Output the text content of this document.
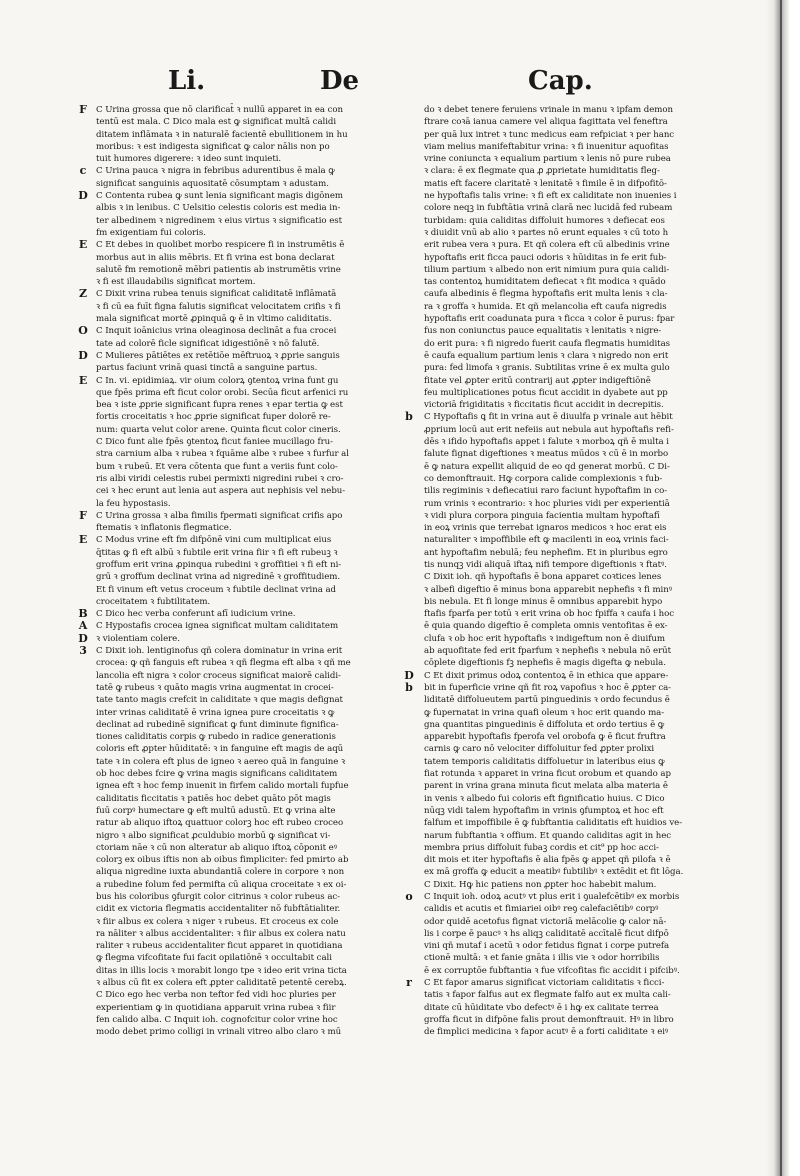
Li.	De	Cap.
F	C Urina grossa que nō clarificat̄ ꝛ nullū apparet in ea con
tentū est mala. C Dico mala est ꝙ significat multā calidi
ditatem inflāmata ꝛ in naturalē facientē ebullitionem in hu
moribus: ꝛ est indigesta significat ꝙ calor nālis non po
tuit humores digerere: ꝛ ideo sunt inquieti.
c	C Urina pauca ꝛ nigra in febribus adurentibus ē mala ꝙ
significat sanguinis aquositatē cōsumptam ꝛ adustam.
D C Contenta rubea ꝙ sunt lenia significant magis digōnem
albis ꝛ in lenibus. C Uelsitio celestis coloris est media in-
ter albedinem ꝛ nigredinem ꝛ eius virtus ꝛ significatio est
fm exigentiam fui coloris.
E	C Et debes in quolibet morbo respicere fi in instrumētis ē
morbus aut in aliis mēbris. Et fi vrina est bona declarat
salutē fm remotionē mēbri patientis ab instrumētis vrine
ꝛ fi est illaudabilis significat mortem.
Z	C Dixit vrina rubea tenuis significat caliditatē inflāmatā
ꝛ fi cū ea fuīt figna falutis significat velocitatem crifis ꝛ fi
mala significat mortē ꝓpinquā ꝙ ē in vltimo caliditatis.
O C Inquit ioānicius vrina oleaginosa declināt a fua crocei
tate ad colorē ficle significat idigestiōnē ꝛ nō falutē.
D C Mulieres pātiētes ex retētiōe mēftruoꝝ ꝛ ꝓprie sanguis
partus faciunt vrinā quasi tinctā a sanguine partus.
E	C In. vi. epidimiaꝝ. vir oium colorꝝ ꝯtentoꝝ vrina funt gu
que fpēs prima eft ficut color orobi. Secūa ficut arfenici ru
bea ꝛ iste ꝓprie significant fupra renes ꝛ epar tertia ꝙ est
fortis croceitatis ꝛ hoc ꝓprie significat fuper dolorē re-
num: quarta velut color arene. Quinta ficut color cineris.
C Dico funt alie fpēs ꝯtentoꝝ ficut faniee mucillago fru-
stra carnium alba ꝛ rubea ꝛ fquāme albe ꝛ rubee ꝛ furfur al
bum ꝛ rubeū. Et vera cōtenta que funt a veriis funt colo-
ris albi viridi celestis rubei permixti nigredini rubei ꝛ cro-
cei ꝛ hec erunt aut lenia aut aspera aut nephisis vel nebu-
la feu hypostasis.
F	C Urina grossa ꝛ alba fimilis fpermati significat crifis apo
ftematis ꝛ inflatonis flegmatice.
E	C Modus vrine eft fm difpōnē vini cum multiplicat eius
q̄titas ꝙ fi eft albū ꝛ fubtile erit vrina fiir ꝛ fi eft rubeuꝫ ꝛ
groffum erit vrina ꝓpinqua rubedini ꝛ groffitiei ꝛ fi eft ni-
grū ꝛ groffum declinat vrina ad nigredinē ꝛ groffitudiem.
Et fi vinum eft vetus croceum ꝛ fubtile declinat vrina ad
croceitatem ꝛ fubtilitatem.
B C Dico hec verba conferunt afī iudicium vrine.
A	C Hypostafis crocea ignea significat multam caliditatem
D ꝛ violentiam colere.
3	C Dixit ioh. lentiginofus qñ colera dominatur in vrina erit
crocea: ꝙ qñ fanguis eft rubea ꝛ qñ flegma eft alba ꝛ qñ me
lancolia eft nigra ꝛ color croceus significat maiorē calidi-
tatē ꝙ rubeus ꝛ quāto magis vrina augmentat in crocei-
tate tanto magis crefcit in caliditate ꝛ que magis defignat
inter vrinas caliditatē ē vrina ignea pure croceitatis ꝛ ꝙ
declinat ad rubedinē significat ꝙ funt diminute fignifica-
tiones caliditatis corpis ꝙ rubedo in radice generationis
coloris eft ꝓpter hūiditatē: ꝛ in fanguine eft magis de aqū
tate ꝛ in colera eft plus de igneo ꝛ aereo quā in fanguine ꝛ
ob hoc debes fcire ꝙ vrina magis significans caliditatem
ignea eft ꝛ hoc femp inuenit in firfem calido mortali fupfue
caliditatis ficcitatis ꝛ patiēs hoc debet quāto pōt magis
fuū corpꝰ humectare ꝙ eft multū adustū. Et ꝙ vrina alte
ratur ab aliquo iftoꝝ quattuor colorꝫ hoc eft rubeo croceo
nigro ꝛ albo significat ꝓculdubio morbū ꝙ significat vi-
ctoriam nāe ꝛ cū non alteratur ab aliquo iftoꝝ cōponit eꝰ
colorꝫ ex oibus iftis non ab oibus fimpliciter: fed pmirto ab
aliqua nigredine iuxta abundantiā colere in corpore ꝛ non
a rubedine folum fed permifta cū aliqua croceitate ꝛ ex oi-
bus his coloribus ꝯfurgit color citrinus ꝛ color rubeus ac-
cidit ex victoria flegmatis accidentaliter nō fubftātialiter.
ꝛ fiir albus ex colera ꝛ niger ꝛ rubeus. Et croceus ex cole
ra nāliter ꝛ albus accidentaliter: ꝛ fiir albus ex colera natu
raliter ꝛ rubeus accidentaliter ficut apparet in quotidiana
ꝙ flegma vifcofitate fui facit opilatiōnē ꝛ occultabit cali
ditas in illis locis ꝛ morabit longo tpe ꝛ ideo erit vrina ticta
ꝛ albus cū fit ex colera eft ꝓpter caliditatē petentē cerebꝝ.
C Dico ego hec verba non teftor fed vidi hoc pluries per
experientiam ꝙ in quotidiana apparuit vrina rubea ꝛ fiir
fen calido alba. C Inquit ioh. cognofcitur color vrine hoc
modo debet primo colligi in vrinali vitreo albo claro ꝛ mū
do ꝛ debet tenere feruiens vrinale in manu ꝛ ipfam demon
ftrare coꝛā ianua camere vel aliqua fagittata vel feneftra
per quā lux intret ꝛ tunc medicus eam refpiciat ꝛ per hanc
viam melius manifeftabitur vrina: ꝛ fi inuenitur aquofitas
vrine coniuncta ꝛ equalium partium ꝛ lenis nō pure rubea
ꝛ clara: ē ex flegmate qua ꝓ ꝓprietate humiditatis fleg-
matis eft facere claritatē ꝛ lenitatē ꝛ fimile ē in difpofitō-
ne hypoftafis talis vrine: ꝛ fi eft ex caliditate non inuenies i
colore neqꝫ in fubftātia vrinā clarā nec lucidā fed rubeam
turbidam: quia caliditas diffoluit humores ꝛ defiecat eos
ꝛ diuidit vnū ab alio ꝛ partes nō erunt equales ꝛ cū toto h
erit rubea vera ꝛ pura. Et qñ colera eft cū albedinis vrine
hypoftafis erit ficca pauci odoris ꝛ hūiditas in fe erit fub-
tilium partium ꝛ albedo non erit nimium pura quia calidi-
tas contentoꝝ humiditatem defiecat ꝛ fit modica ꝛ quādo
caufa albedinis ē flegma hypoftafis erit multa lenis ꝛ cla-
ra ꝛ groffa ꝛ humida. Et qñ melancolia eft caufa nigredis
hypoftafis erit coadunata pura ꝛ ficca ꝛ color ē purus: fpar
fus non coniunctus pauce equalitatis ꝛ lenitatis ꝛ nigre-
do erit pura: ꝛ fi nigredo fuerit caufa flegmatis humiditas
ē caufa equalium partium lenis ꝛ clara ꝛ nigredo non erit
pura: fed limofa ꝛ granis. Subtilitas vrine ē ex multa gulo
fitate vel ꝓpter eritū contrarij aut ꝓpter indigeftiōnē
feu multiplicationes potus ficut accidit in dyabete aut pp
victoriā frigiditatis ꝛ ficcitatis ficut accidit in decrepitis.
b	C Hypoftafis ꝗ fit in vrina aut ē diuulfa p vrinale aut hēbit
ꝓprium locū aut erit nefeiis aut nebula aut hypoftafis refi-
dēs ꝛ ifido hypoftafis appet i falute ꝛ morboꝝ qñ ē multa i
falute fignat digeftiones ꝛ meatus mūdos ꝛ cū ē in morbo
ē ꝙ natura expellit aliquid de eo qd generat morbū. C Di-
co demonftrauit. Hꝙ corpora calide complexionis ꝛ fub-
tilis regiminis ꝛ defiecatiui raro faciunt hypoftafim in co-
rum vrinis ꝛ econtrario: ꝛ hoc pluries vidi per experientiā
ꝛ vidi plura corpora pinguia facientia multam hypoftafī
in eoꝝ vrinis que terrebat ignaros medicos ꝛ hoc erat eis
naturaliter ꝛ impoffibile eft ꝙ macilenti in eoꝝ vrinis faci-
ant hypoftafim nebulā; feu nephefim. Et in pluribus egro
tis nunqꝫ vidi aliquā iftaꝝ nifi tempore digeftionis ꝛ ftatꝰ.
C Dixit ioh. qñ hypoftafis ē bona apparet coꝛtices lenes
ꝛ albefi digeftio ē minus bona apparebit nephefis ꝛ fi minꝰ
bis nebula. Et fi longe minus ē omnibus apparebit hypo
ftafis fparfa per totū ꝛ erit vrina ob hoc fpiffa ꝛ caufa i hoc
ē quia quando digeftio ē completa omnis ventofitas ē ex-
clufa ꝛ ob hoc erit hypoftafis ꝛ indigeftum non ē diuifum
ab aquofitate fed erit fparfum ꝛ nephefis ꝛ nebula nō erūt
cōplete digeftionis fꝫ nephefis ē magis digefta ꝙ nebula.
D	C Et dixit primus odoꝝ contentoꝝ ē in ethica que appare-
b	bit in fuperficie vrine qñ fit roꝝ vapofius ꝛ hoc ē ꝓpter ca-
liditatē diffolueutem partū pinguedinis ꝛ ordo fecundus ē
ꝙ fupernatat in vrina quafi oleum ꝛ hoc erit quando ma-
gna quantitas pinguedinis ē diffoluta et ordo tertius ē ꝙ
apparebit hypoftafis fperofa vel orobofa ꝙ ē ficut fruftra
carnis ꝙ caro nō velociter diffoluitur fed ꝓpter prolixi
tatem temporis caliditatis diffoluetur in lateribus eius ꝙ
fiat rotunda ꝛ apparet in vrina ficut orobum et quando ap
parent in vrina grana minuta ficut melata alba materia ē
in venis ꝛ albedo fui coloris eft fignificatio huius. C Dico
nūqꝫ vidi talem hypoftafim in vrinis ꝯfumptoꝝ et hoc eft
falfum et impoffibile ē ꝙ fubftantia caliditatis eft huidios ve-
narum fubftantia ꝛ offium. Et quando caliditas agit in hec
membra prius diffoluit fubaꝫ cordis et cit⁹ pp hoc acci-
dit mois et iter hypoftafis ē alia fpēs ꝙ appet qñ pilofa ꝛ ē
ex mā groffa ꝙ educit a meatibꝰ fubtilibꝰ ꝛ extēdit et fit lōga.
C Dixit. Hꝙ hic patiens non ꝓpter hoc habebit malum.
o	C Inquit ioh. odoꝝ acutꝰ vt plus erit i ꝯualefcētibꝰ ex morbis
calidis et acutis et fimiariei oibꝰ reꝯ calefaciētibꝰ corpꝰ
odor quidē acetofus fignat victoriā melācolie ꝙ calor nā-
lis i corpe ē paucꝰ ꝛ hs aliqꝫ caliditatē accītalē ficut difpō
vini qñ mutaf i acetū ꝛ odor fetidus fignat i corpe putrefa
ctionē multā: ꝛ et fanie gnāta i illis vie ꝛ odor horribilis
ē ex corruptōe fubftantia ꝛ fue vifcofitas fic accidit i pifcibꝰ.
r	C Et fapor amarus significat victoriam caliditatis ꝛ ficci-
tatis ꝛ fapor falfus aut ex flegmate falfo aut ex multa cali-
ditate cū hūiditate vbo defectꝰ ē i hꝙ ex calitate terrea
groffa ficut in difpōne falis prout demonftrauit. Hꝰ in libro
de fimplici medicina ꝛ fapor acutꝰ ē a forti caliditate ꝛ eiꝰ
